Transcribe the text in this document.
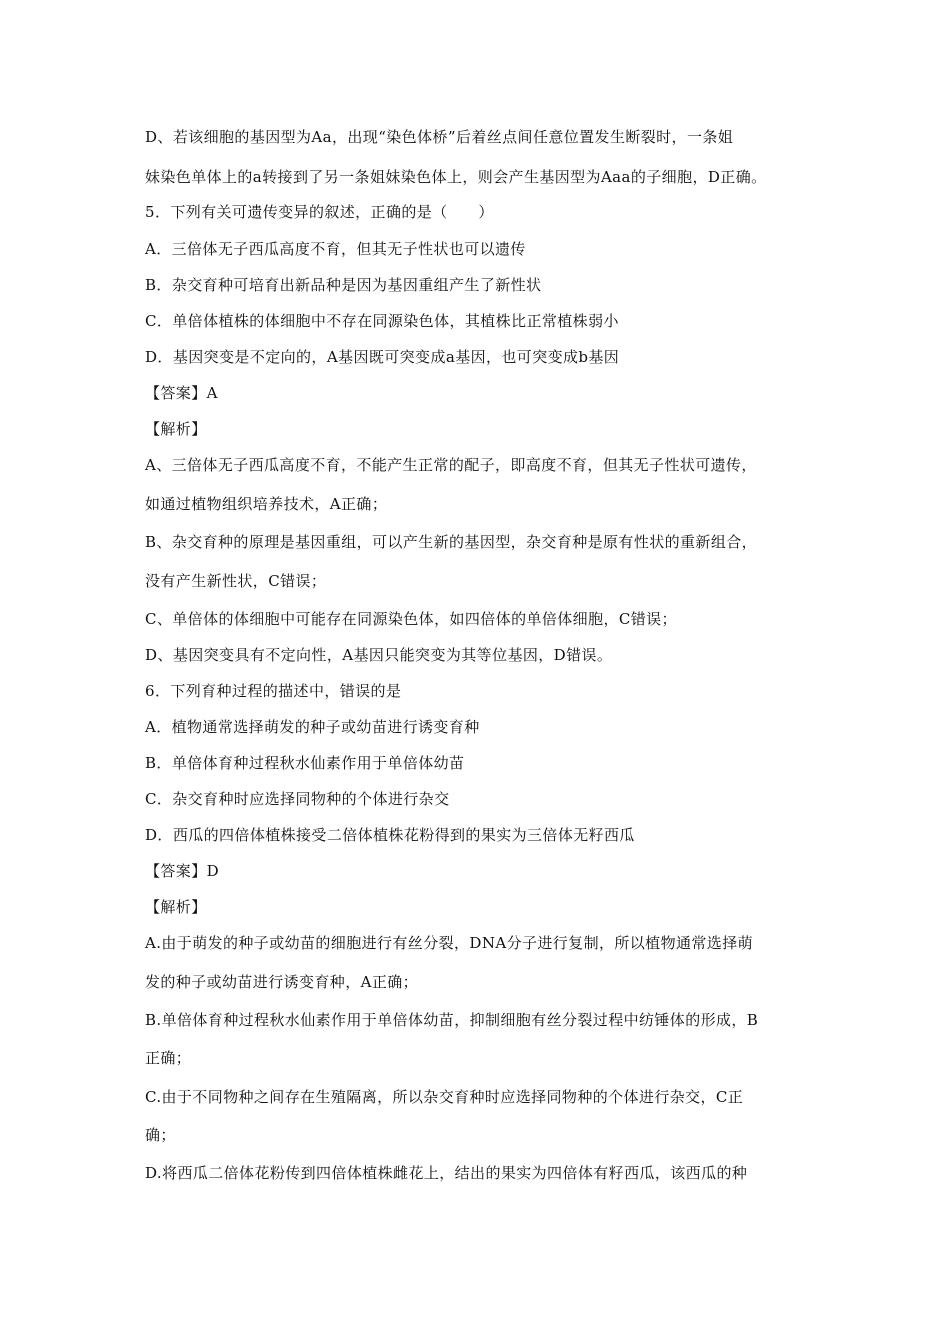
D、若该细胞的基因型为Aa，出现“染色体桥”后着丝点间任意位置发生断裂时，一条姐
妹染色单体上的a转接到了另一条姐妹染色体上，则会产生基因型为Aaa的子细胞，D正确。
5．下列有关可遗传变异的叙述，正确的是（　　）
A．三倍体无子西瓜高度不育，但其无子性状也可以遗传
B．杂交育种可培育出新品种是因为基因重组产生了新性状
C．单倍体植株的体细胞中不存在同源染色体，其植株比正常植株弱小
D．基因突变是不定向的，A基因既可突变成a基因，也可突变成b基因
【答案】A
【解析】
A、三倍体无子西瓜高度不育，不能产生正常的配子，即高度不育，但其无子性状可遗传，
如通过植物组织培养技术，A正确；
B、杂交育种的原理是基因重组，可以产生新的基因型，杂交育种是原有性状的重新组合，
没有产生新性状，C错误；
C、单倍体的体细胞中可能存在同源染色体，如四倍体的单倍体细胞，C错误；
D、基因突变具有不定向性，A基因只能突变为其等位基因，D错误。
6．下列育种过程的描述中，错误的是
A．植物通常选择萌发的种子或幼苗进行诱变育种
B．单倍体育种过程秋水仙素作用于单倍体幼苗
C．杂交育种时应选择同物种的个体进行杂交
D．西瓜的四倍体植株接受二倍体植株花粉得到的果实为三倍体无籽西瓜
【答案】D
【解析】
A.由于萌发的种子或幼苗的细胞进行有丝分裂，DNA分子进行复制，所以植物通常选择萌
发的种子或幼苗进行诱变育种，A正确；
B.单倍体育种过程秋水仙素作用于单倍体幼苗，抑制细胞有丝分裂过程中纺锤体的形成，B
正确；
C.由于不同物种之间存在生殖隔离，所以杂交育种时应选择同物种的个体进行杂交，C正
确；
D.将西瓜二倍体花粉传到四倍体植株雌花上，结出的果实为四倍体有籽西瓜，该西瓜的种
